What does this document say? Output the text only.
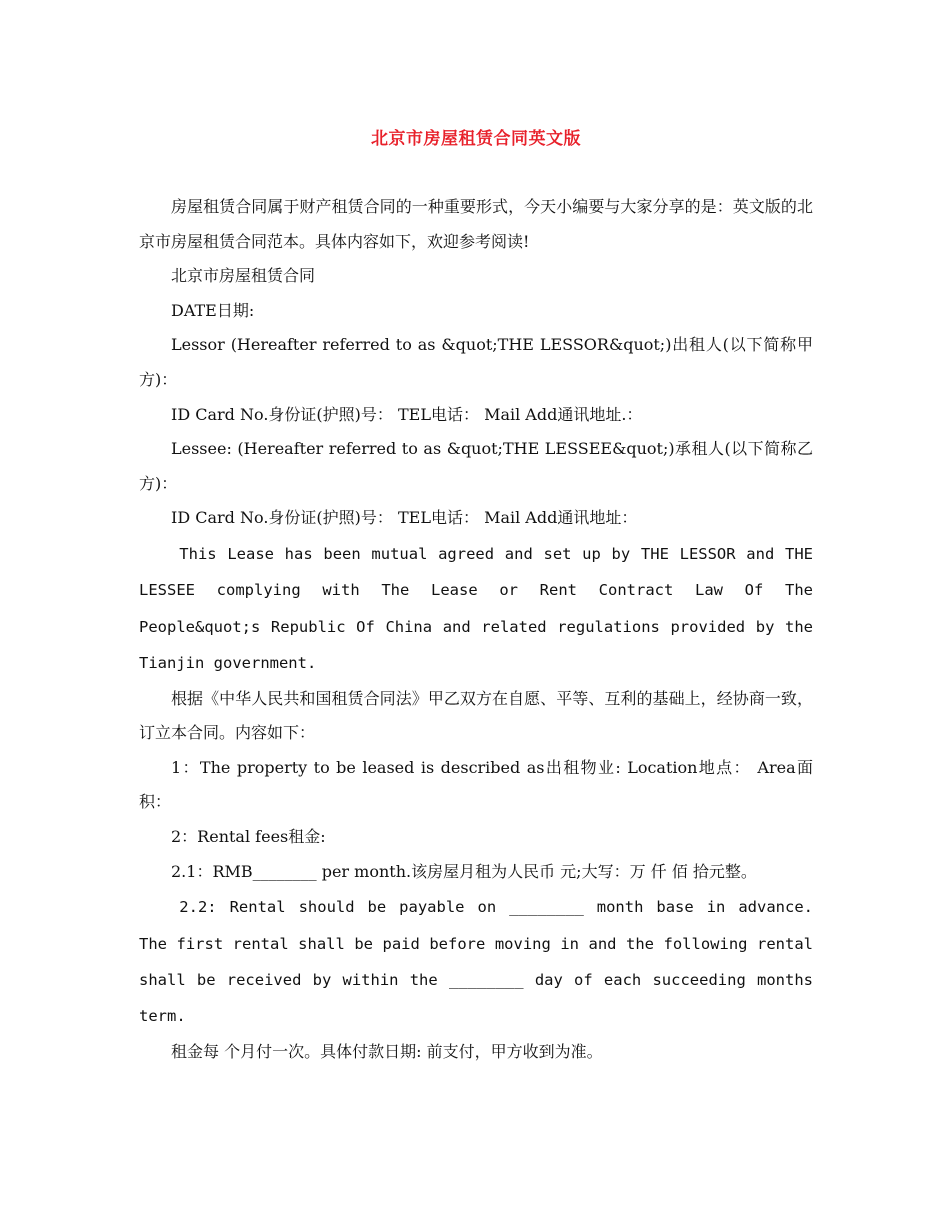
北京市房屋租赁合同英文版

房屋租赁合同属于财产租赁合同的一种重要形式，今天小编要与大家分享的是：英文版的北京市房屋租赁合同范本。具体内容如下，欢迎参考阅读!

北京市房屋租赁合同

DATE日期:

Lessor (Hereafter referred to as &quot;THE LESSOR&quot;)出租人(以下简称甲方)：

ID Card No.身份证(护照)号： TEL电话： Mail Add通讯地址.：

Lessee: (Hereafter referred to as &quot;THE LESSEE&quot;)承租人(以下简称乙方)：

ID Card No.身份证(护照)号： TEL电话： Mail Add通讯地址：

This Lease has been mutual agreed and set up by THE LESSOR and THE LESSEE complying with The Lease or Rent Contract Law Of The People&quot;s Republic Of China and related regulations provided by the Tianjin government.

根据《中华人民共和国租赁合同法》甲乙双方在自愿、平等、互利的基础上，经协商一致，订立本合同。内容如下：

1：The property to be leased is described as出租物业: Location地点： Area面积：

2：Rental fees租金:

2.1：RMB________ per month.该房屋月租为人民币 元;大写：万 仟 佰 拾元整。

2.2: Rental should be payable on ________ month base in advance. The first rental shall be paid before moving in and the following rental shall be received by within the ________ day of each succeeding months term.

租金每 个月付一次。具体付款日期: 前支付，甲方收到为准。
